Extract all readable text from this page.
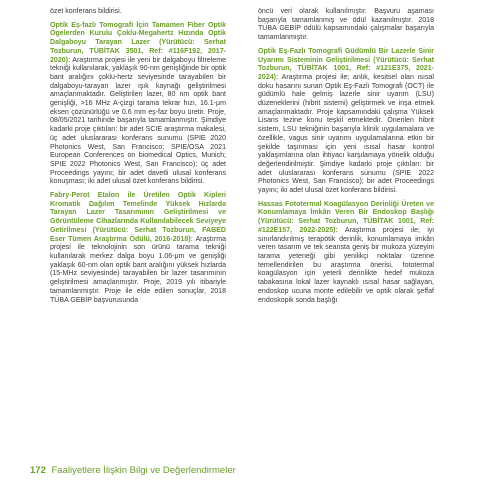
özet konferans bildirisi.

Optik Eş-fazlı Tomografi İçin Tamamen Fiber Optik Ögelerden Kurulu Çoklu-Megahertz Hızında Optik Dalgaboyu Tarayan Lazer (Yürütücü: Serhat Tozburun, TÜBİTAK 3501, Ref: #116F192, 2017-2020): Araştırma projesi ile yeni bir dalgaboyu filtreleme tekniği kullanılarak, yaklaşık 90-nm genişliğinde bir optik bant aralığını çoklu-hertz seviyesinde tarayabilen bir dalgaboyu-tarayan lazer ışık kaynağı geliştirilmesi amaçlanmaktadır. Geliştirilen lazer, 80 nm optik bant genişliği, >16 MHz A-çizgi tarama tekrar hızı, 16.1-μm eksen çözünürlüğü ve 0.6 mm eş-faz boyu üretir. Proje, 08/05/2021 tarihinde başarıyla tamamlanmıştır. Şimdiye kadarki proje çıktıları: bir adet SCIE araştırma makalesi, üç adet uluslararası konferans sunumu (SPIE 2020 Photonics West, San Francisco; SPIE/OSA 2021 European Conferences on biomedical Optics, Munich; SPIE 2022 Photonics West, San Francisco); üç adet Proceedings yayını; bir adet davetli ulusal konferans konuşması; iki adet ulusal özet konferans bildirisi.

Fabry-Perot Etalon ile Üretilen Optik Kipleri Kromatik Dağılım Temelinde Yüksek Hızlarda Tarayan Lazer Tasarımının Geliştirilmesi ve Görüntüleme Cihazlarında Kullanılabilecek Seviyeye Getirilmesi (Yürütücü: Serhat Tozburun, FABED Eser Tümen Araştırma Ödülü, 2016-2018): Araştırma projesi ile teknolojinin son ürünü tarama tekniği kullanılarak merkez dalga boyu 1.06-μm ve genişliği yaklaşık 60-nm olan optik bant aralığını yüksek hızlarda (15-MHz seviyesinde) tarayabilen bir lazer tasarımının geliştirilmesi amaçlanmıştır. Proje, 2019 yılı itibariyle tamamlanmıştır. Proje ile elde edilen sonuçlar, 2018 TÜBA GEBİP başvurusunda

öncü veri olarak kullanılmıştır. Başvuru aşaması başarıyla tamamlanmış ve ödül kazanılmıştır. 2018 TÜBA GEBİP ödülü kapsamındaki çalışmalar başarıyla tamamlanmıştır.

Optik Eş-Fazlı Tomografi Güdümlü Bir Lazerle Sinir Uyarımı Sisteminin Geliştirilmesi (Yürütücü: Serhat Tozburun, TÜBİTAK 1001, Ref: #121E375, 2021-2024): Araştırma projesi ile; anlık, kesitsel olan ısısal doku hasarını sunan Optik Eş-Fazlı Tomografi (OCT) ile güdümlü hale gelmiş lazerle sinir uyarım (LSU) düzeneklerini (hibrit sistemi) geliştirmek ve inşa etmek amaçlanmaktadır. Proje kapsamındaki çalışma Yüksek Lisans tezine konu teşkil etmektedir. Önerilen hibrit sistem, LSU tekniğinin başarıyla klinik uygulamalara ve özellikle, vagus sinir uyarımı uygulamalarına etkin bir şekilde taşınması için yeni ısısal hasar kontrol yaklaşımlarına olan ihtiyacı karşılamaya yönelik olduğu değerlendirilmiştir. Şimdiye kadarki proje çıktıları: bir adet uluslararası konferans sunumu (SPIE 2022 Photonics West, San Francisco); bir adet Proceedings yayını; iki adet ulusal özet konferans bildirisi.

Hassas Fototermal Koagülasyon Derinliği Üreten ve Konumlamaya İmkân Veren Bir Endoskop Başlığı (Yürütücü: Serhat Tozburun, TÜBİTAK 1001, Ref: #122E157, 2022-2025): Araştırma projesi ile; iyi sınırlandırılmış terapötik derinlik, konumlamaya imkân veren tasarım ve tek seansta geniş bir mukoza yüzeyini tarama yeteneği gibi yenilikçi noktalar üzerine temellendirilen bu araştırma önerisi, fototermal koagülasyon için yeterli derinlikte hedef mukoza tabakasına lokal lazer kaynaklı ısısal hasar sağlayan, endoskop ucuna monte edilebilir ve optik olarak şeffaf endoskopik sonda başlığı

172 Faaliyetlere İlişkin Bilgi ve Değerlendirmeler
